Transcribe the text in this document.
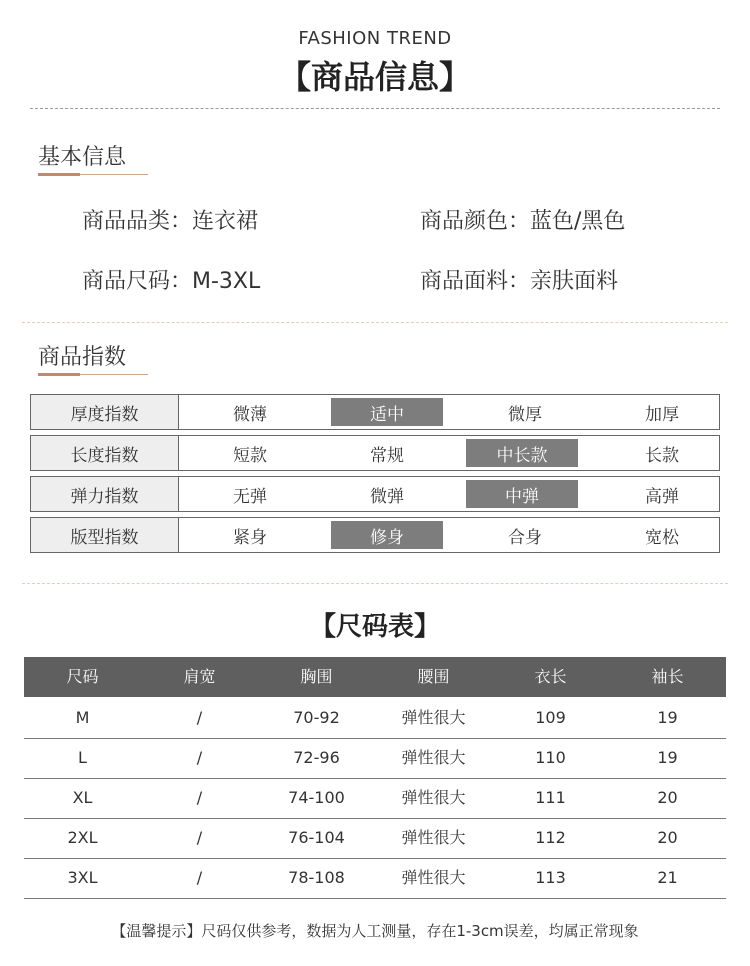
FASHION TREND
【商品信息】
基本信息
商品品类：连衣裙	商品颜色：蓝色/黑色
商品尺码：M-3XL	商品面料：亲肤面料
商品指数
厚度指数	微薄	适中	微厚	加厚
长度指数	短款	常规	中长款	长款
弹力指数	无弹	微弹	中弹	高弹
版型指数	紧身	修身	合身	宽松
【尺码表】
尺码	肩宽	胸围	腰围	衣长	袖长
M	/	70-92	弹性很大	109	19
L	/	72-96	弹性很大	110	19
XL	/	74-100	弹性很大	111	20
2XL	/	76-104	弹性很大	112	20
3XL	/	78-108	弹性很大	113	21
【温馨提示】尺码仅供参考，数据为人工测量，存在1-3cm误差，均属正常现象
